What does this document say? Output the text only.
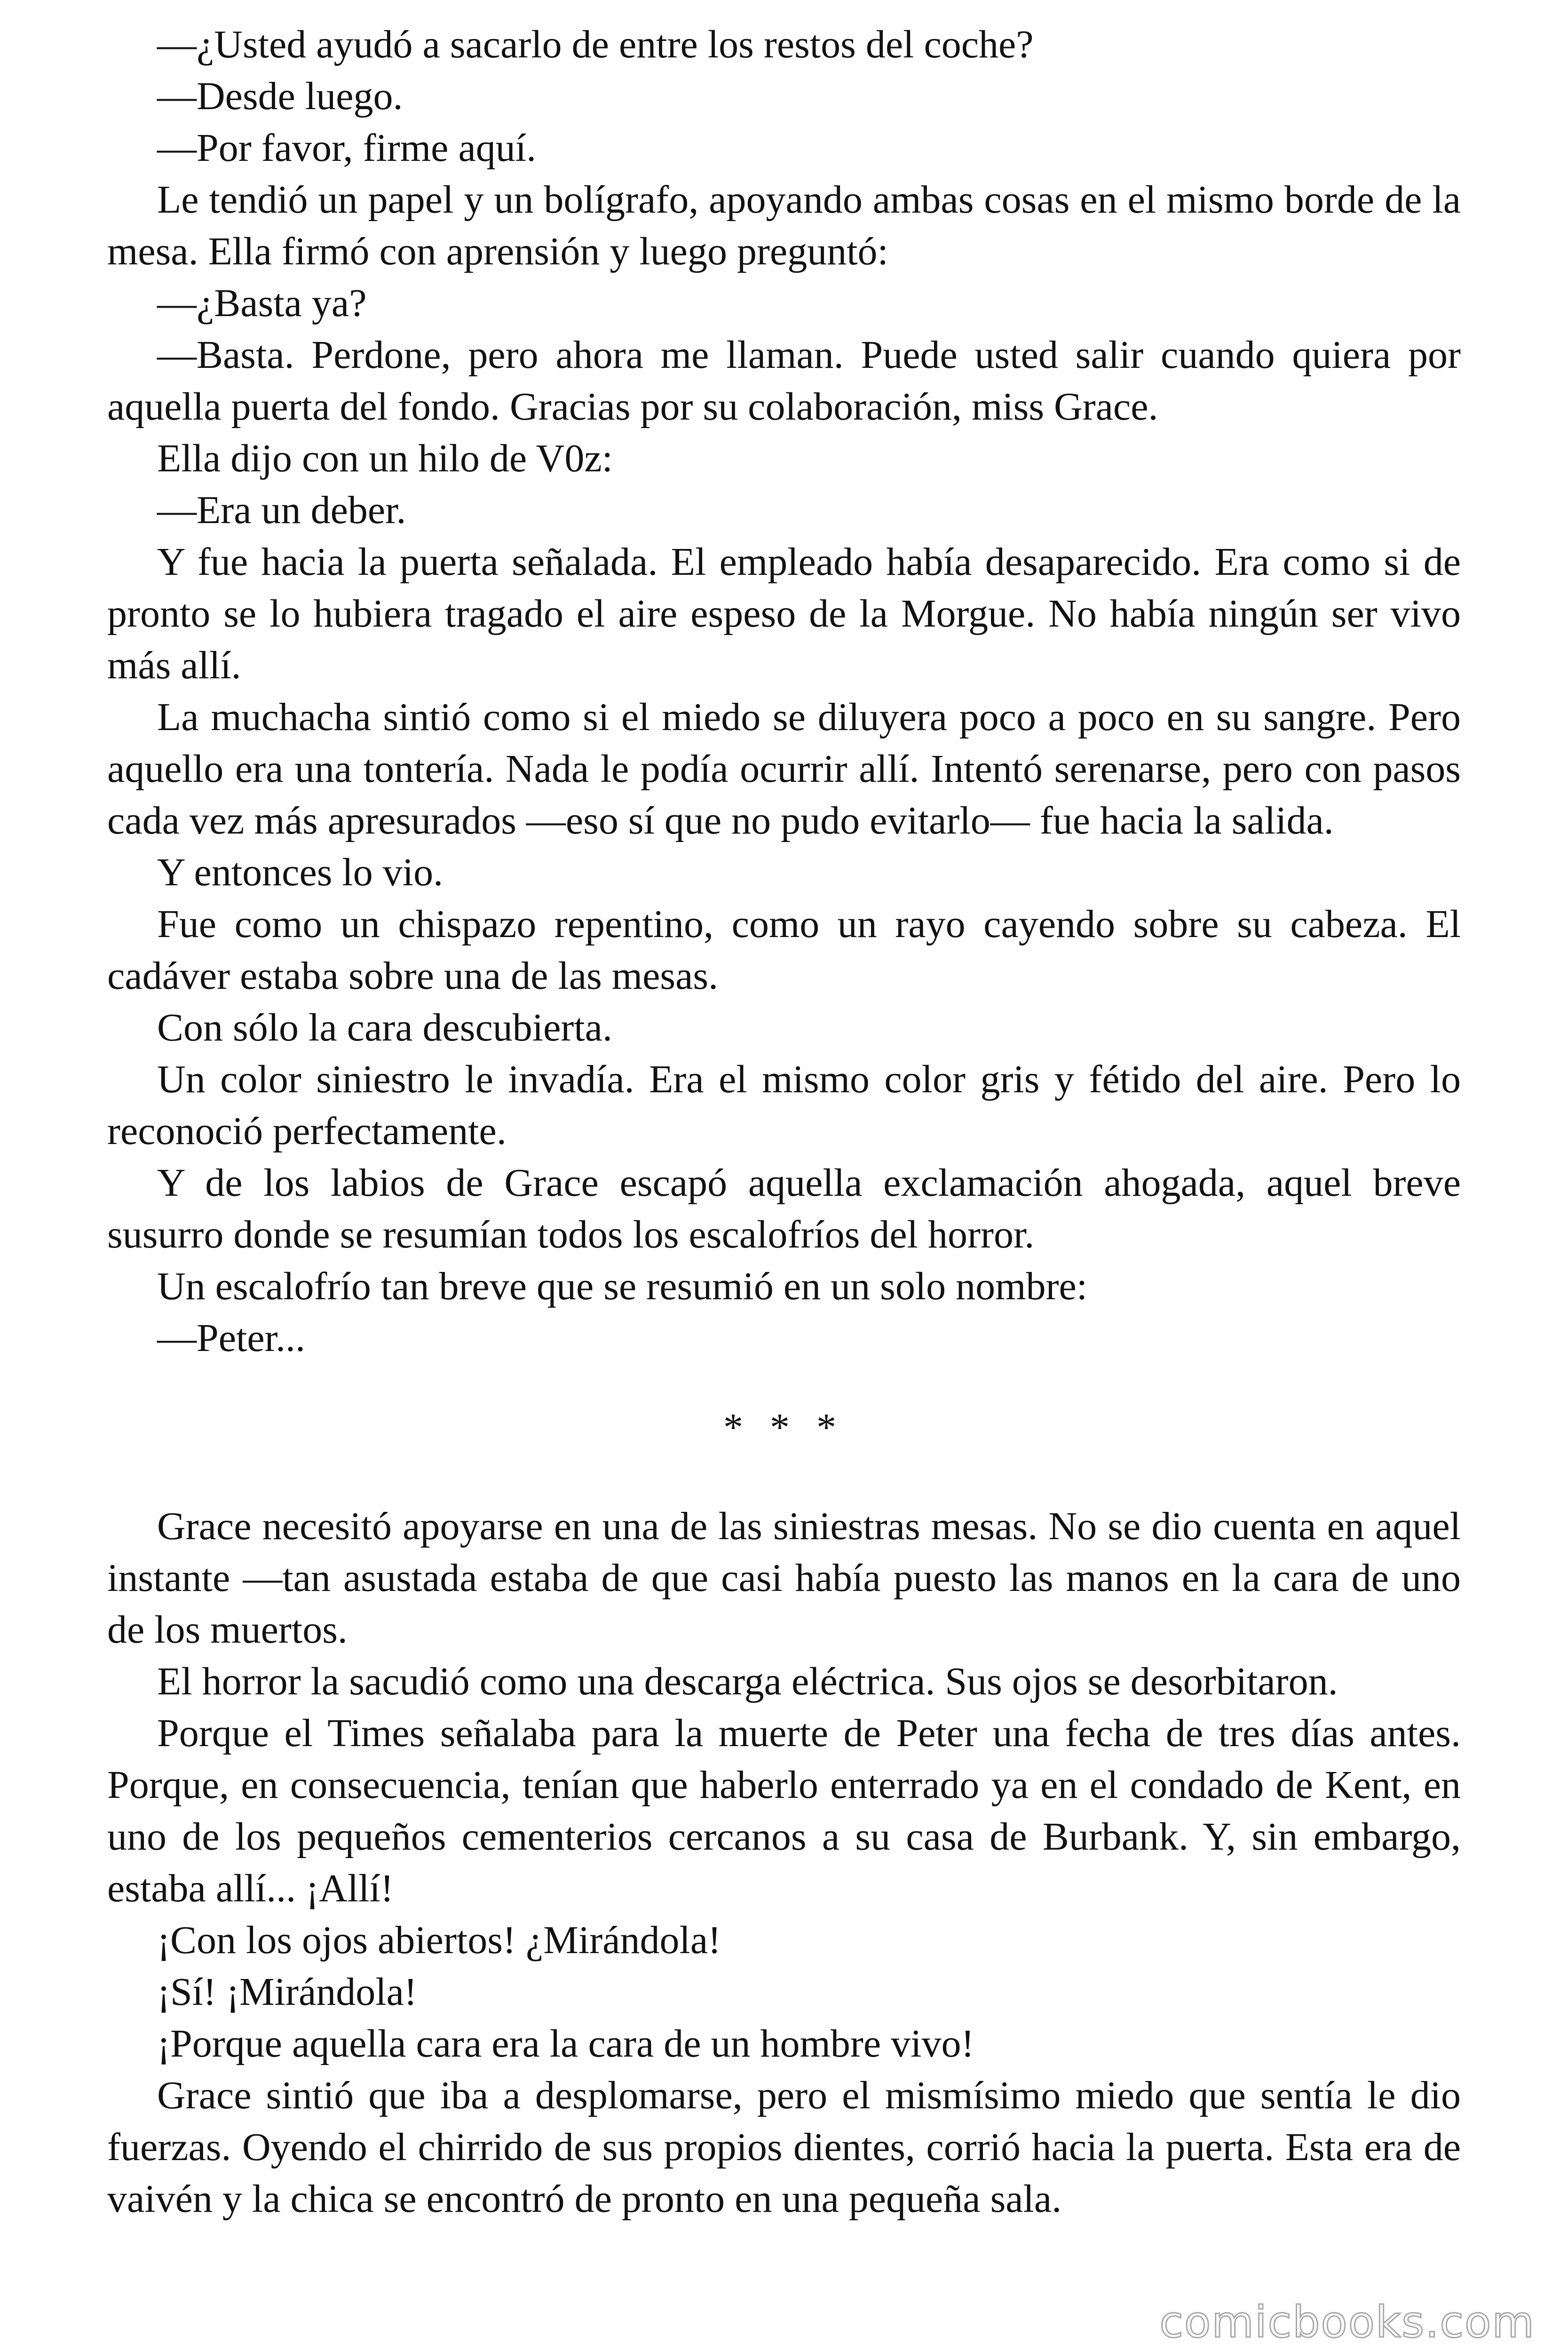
—¿Usted ayudó a sacarlo de entre los restos del coche?

—Desde luego.

—Por favor, firme aquí.

Le tendió un papel y un bolígrafo, apoyando ambas cosas en el mismo borde de la mesa. Ella firmó con aprensión y luego preguntó:

—¿Basta ya?

—Basta. Perdone, pero ahora me llaman. Puede usted salir cuando quiera por aquella puerta del fondo. Gracias por su colaboración, miss Grace.

Ella dijo con un hilo de V0z:

—Era un deber.

Y fue hacia la puerta señalada. El empleado había desaparecido. Era como si de pronto se lo hubiera tragado el aire espeso de la Morgue. No había ningún ser vivo más allí.

La muchacha sintió como si el miedo se diluyera poco a poco en su sangre. Pero aquello era una tontería. Nada le podía ocurrir allí. Intentó serenarse, pero con pasos cada vez más apresurados —eso sí que no pudo evitarlo— fue hacia la salida.

Y entonces lo vio.

Fue como un chispazo repentino, como un rayo cayendo sobre su cabeza. El cadáver estaba sobre una de las mesas.

Con sólo la cara descubierta.

Un color siniestro le invadía. Era el mismo color gris y fétido del aire. Pero lo reconoció perfectamente.

Y de los labios de Grace escapó aquella exclamación ahogada, aquel breve susurro donde se resumían todos los escalofríos del horror.

Un escalofrío tan breve que se resumió en un solo nombre:

—Peter...

* * *

Grace necesitó apoyarse en una de las siniestras mesas. No se dio cuenta en aquel instante —tan asustada estaba de que casi había puesto las manos en la cara de uno de los muertos.

El horror la sacudió como una descarga eléctrica. Sus ojos se desorbitaron.

Porque el Times señalaba para la muerte de Peter una fecha de tres días antes. Porque, en consecuencia, tenían que haberlo enterrado ya en el condado de Kent, en uno de los pequeños cementerios cercanos a su casa de Burbank. Y, sin embargo, estaba allí... ¡Allí!

¡Con los ojos abiertos! ¿Mirándola!

¡Sí! ¡Mirándola!

¡Porque aquella cara era la cara de un hombre vivo!

Grace sintió que iba a desplomarse, pero el mismísimo miedo que sentía le dio fuerzas. Oyendo el chirrido de sus propios dientes, corrió hacia la puerta. Esta era de vaivén y la chica se encontró de pronto en una pequeña sala.

comicbooks.com
